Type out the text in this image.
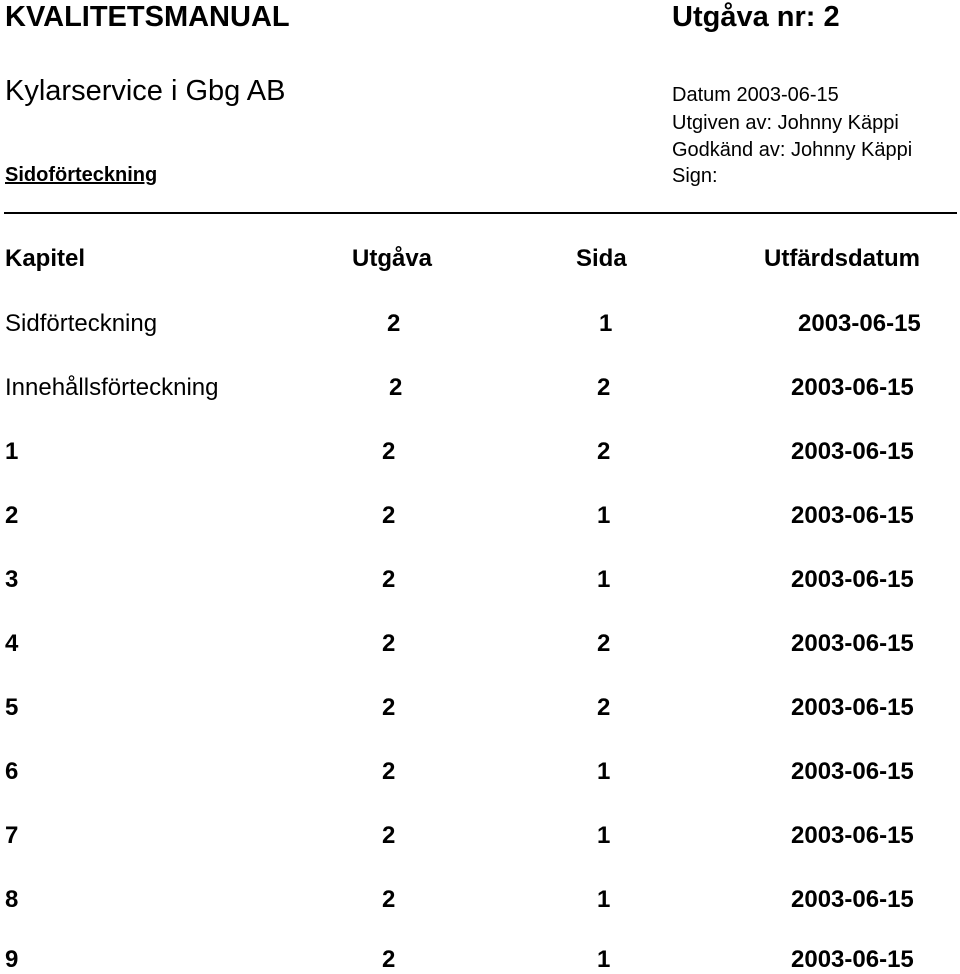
KVALITETSMANUAL	Utgåva nr: 2
Kylarservice i Gbg AB	Datum 2003-06-15
Utgiven av: Johnny Käppi
Godkänd av: Johnny Käppi
Sidoförteckning	Sign:
Kapitel	Utgåva	Sida	Utfärdsdatum
Sidförteckning	2	1	2003-06-15
Innehållsförteckning	2	2	2003-06-15
1	2	2	2003-06-15
2	2	1	2003-06-15
3	2	1	2003-06-15
4	2	2	2003-06-15
5	2	2	2003-06-15
6	2	1	2003-06-15
7	2	1	2003-06-15
8	2	1	2003-06-15
9	2	1	2003-06-15
